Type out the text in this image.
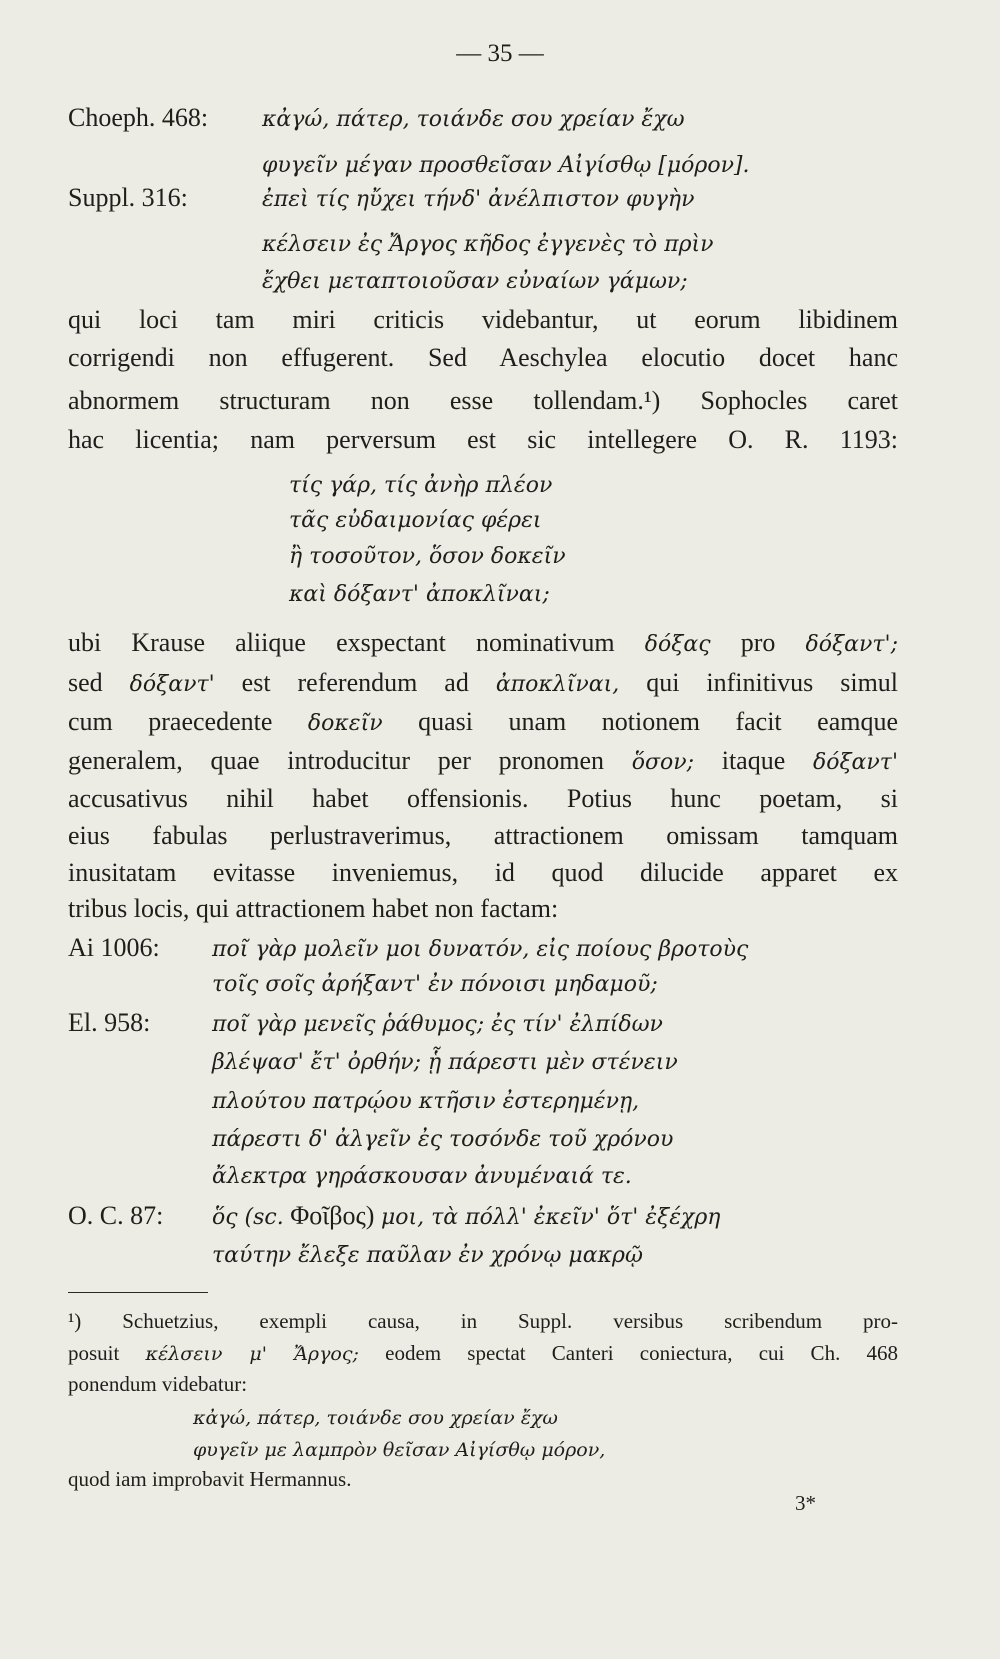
— 35 —
Choeph. 468: κἀγώ, πάτερ, τοιάνδε σου χρείαν ἔχω
φυγεῖν μέγαν προσθεῖσαν Αἰγίσθῳ [μόρον].
Suppl. 316:	ἐπεὶ τίς ηὔχει τήνδ' ἀνέλπιστον φυγὴν
κέλσειν ἐς Ἄργος κῆδος ἐγγενὲς τὸ πρὶν
ἔχθει μεταπτοιοῦσαν εὐναίων γάμων;
qui loci tam miri criticis videbantur, ut eorum libidinem
corrigendi non effugerent. Sed Aeschylea elocutio docet hanc
abnormem structuram non esse tollendam.¹) Sophocles caret
hac licentia; nam perversum est sic intellegere O. R. 1193:
τίς γάρ, τίς ἀνὴρ πλέον
τᾶς εὐδαιμονίας φέρει
ἢ τοσοῦτον, ὅσον δοκεῖν
καὶ δόξαντ' ἀποκλῖναι;
ubi Krause aliique exspectant nominativum δόξας pro δόξαντ';
sed δόξαντ' est referendum ad ἀποκλῖναι, qui infinitivus simul
cum praecedente δοκεῖν quasi unam notionem facit eamque
generalem, quae introducitur per pronomen ὅσον; itaque δόξαντ'
accusativus nihil habet offensionis. Potius hunc poetam, si
eius fabulas perlustraverimus, attractionem omissam tamquam
inusitatam evitasse inveniemus, id quod dilucide apparet ex
tribus locis, qui attractionem habet non factam:
Ai 1006: ποῖ γὰρ μολεῖν μοι δυνατόν, εἰς ποίους βροτοὺς
τοῖς σοῖς ἀρήξαντ' ἐν πόνοισι μηδαμοῦ;
El. 958:	ποῖ γὰρ μενεῖς ῥάθυμος; ἐς τίν' ἐλπίδων
βλέψασ' ἔτ' ὀρθήν; ᾗ πάρεστι μὲν στένειν
πλούτου πατρῴου κτῆσιν ἐστερημένῃ,
πάρεστι δ' ἀλγεῖν ἐς τοσόνδε τοῦ χρόνου
ἄλεκτρα γηράσκουσαν ἀνυμέναιά τε.
O. C. 87: ὅς (sc. Φοῖβος) μοι, τὰ πόλλ' ἐκεῖν' ὅτ' ἐξέχρη
ταύτην ἔλεξε παῦλαν ἐν χρόνῳ μακρῷ
¹) Schuetzius, exempli causa, in Suppl. versibus scribendum pro-
posuit κέλσειν μ' Ἄργος; eodem spectat Canteri coniectura, cui Ch. 468
ponendum videbatur:
κἀγώ, πάτερ, τοιάνδε σου χρείαν ἔχω
φυγεῖν με λαμπρὸν θεῖσαν Αἰγίσθῳ μόρον,
quod iam improbavit Hermannus.
3*
